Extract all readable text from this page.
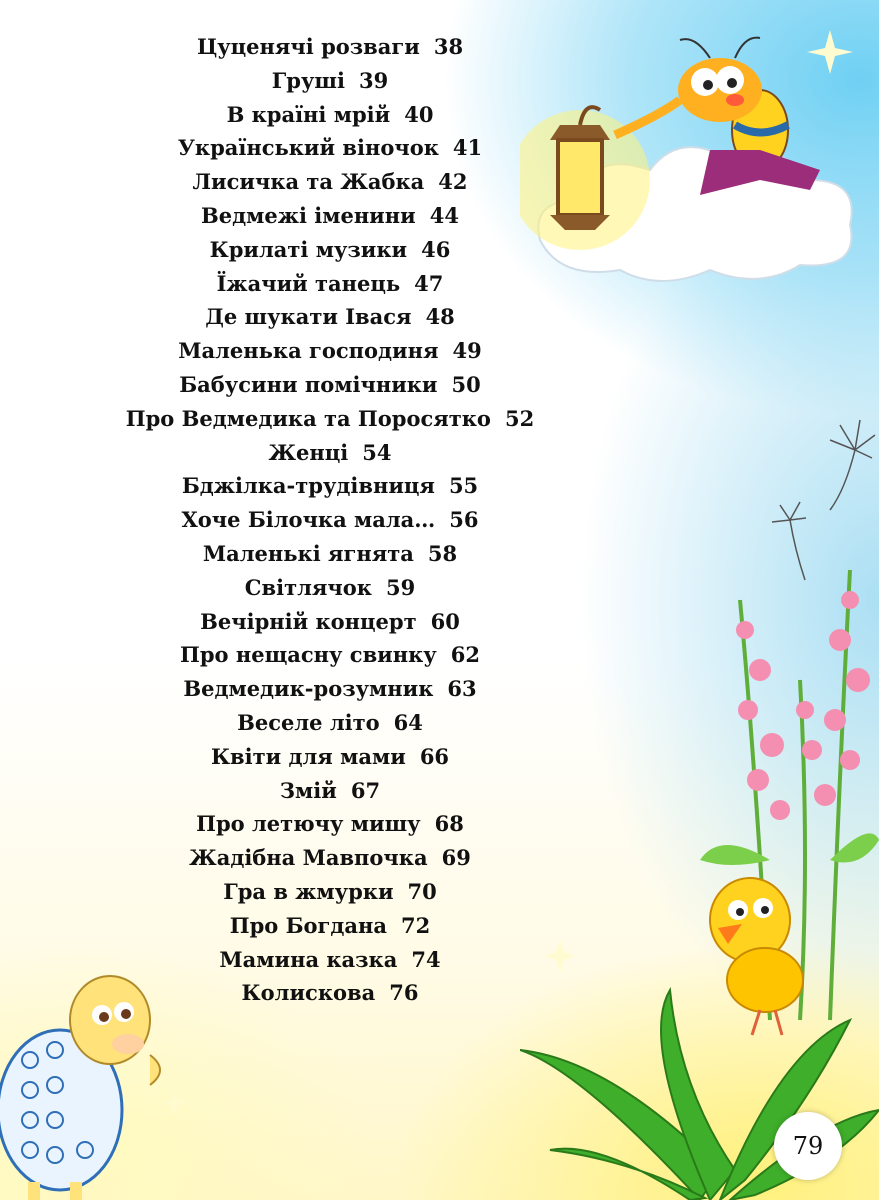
Цуценячі розваги 38
Груші 39
В країні мрій 40
Український віночок 41
Лисичка та Жабка 42
Ведмежі іменини 44
Крилаті музики 46
Їжачий танець 47
Де шукати Івася 48
Маленька господиня 49
Бабусини помічники 50
Про Ведмедика та Поросятко 52
Женці 54
Бджілка-трудівниця 55
Хоче Білочка мала… 56
Маленькі ягнята 58
Світлячок 59
Вечірній концерт 60
Про нещасну свинку 62
Ведмедик-розумник 63
Веселе літо 64
Квіти для мами 66
Змій 67
Про летючу мишу 68
Жадібна Мавпочка 69
Гра в жмурки 70
Про Богдана 72
Мамина казка 74
Колискова 76
79
